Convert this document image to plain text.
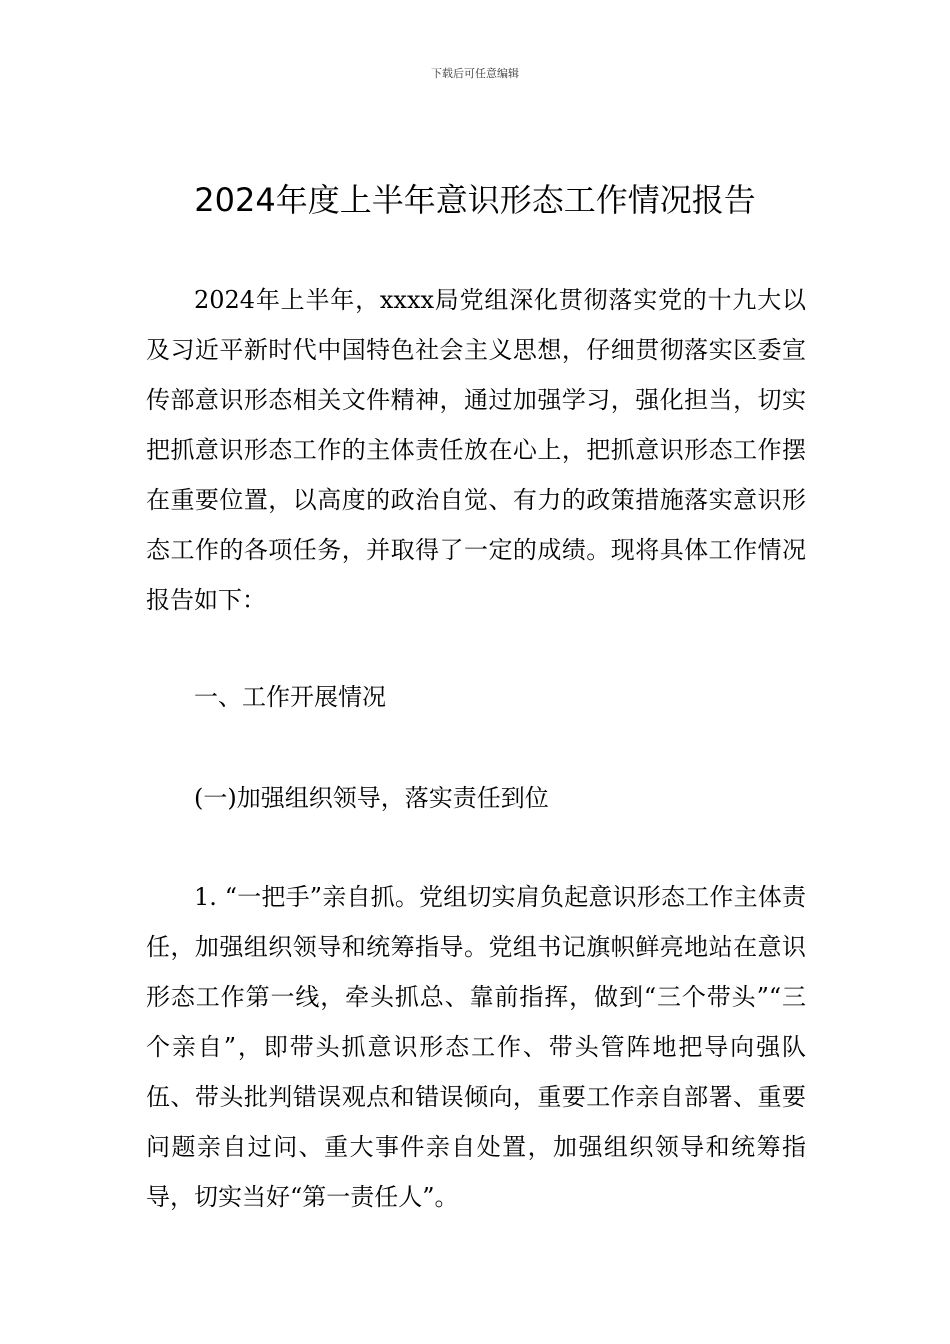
下载后可任意编辑
2024年度上半年意识形态工作情况报告

2024年上半年，xxxx局党组深化贯彻落实党的十九大以及习近平新时代中国特色社会主义思想，仔细贯彻落实区委宣传部意识形态相关文件精神，通过加强学习，强化担当，切实把抓意识形态工作的主体责任放在心上，把抓意识形态工作摆在重要位置，以高度的政治自觉、有力的政策措施落实意识形态工作的各项任务，并取得了一定的成绩。现将具体工作情况报告如下：

一、工作开展情况

(一)加强组织领导，落实责任到位

1. “一把手”亲自抓。党组切实肩负起意识形态工作主体责任，加强组织领导和统筹指导。党组书记旗帜鲜亮地站在意识形态工作第一线，牵头抓总、靠前指挥，做到“三个带头”“三个亲自”，即带头抓意识形态工作、带头管阵地把导向强队伍、带头批判错误观点和错误倾向，重要工作亲自部署、重要问题亲自过问、重大事件亲自处置，加强组织领导和统筹指导，切实当好“第一责任人”。
